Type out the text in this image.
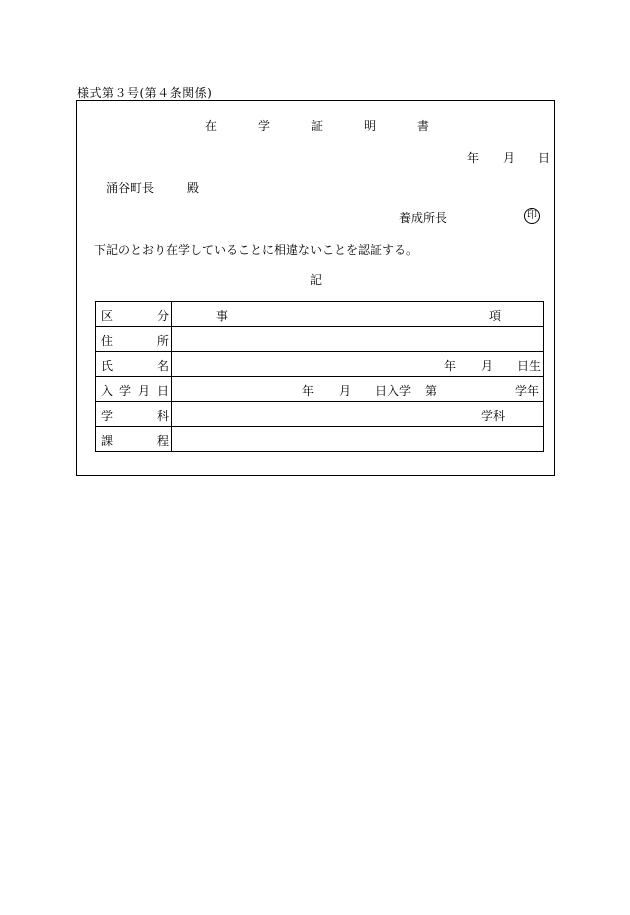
様式第３号(第４条関係)
在	学	証	明	書
年 月 日
涌谷町長	殿
養成所長	印
下記のとおり在学していることに相違ないことを認証する。
記
区 分	事 項

住 所	

氏 名	年 月 日生

入 学 月 日	年 月 日入学 第 学年

学 科	学科

課 程	
